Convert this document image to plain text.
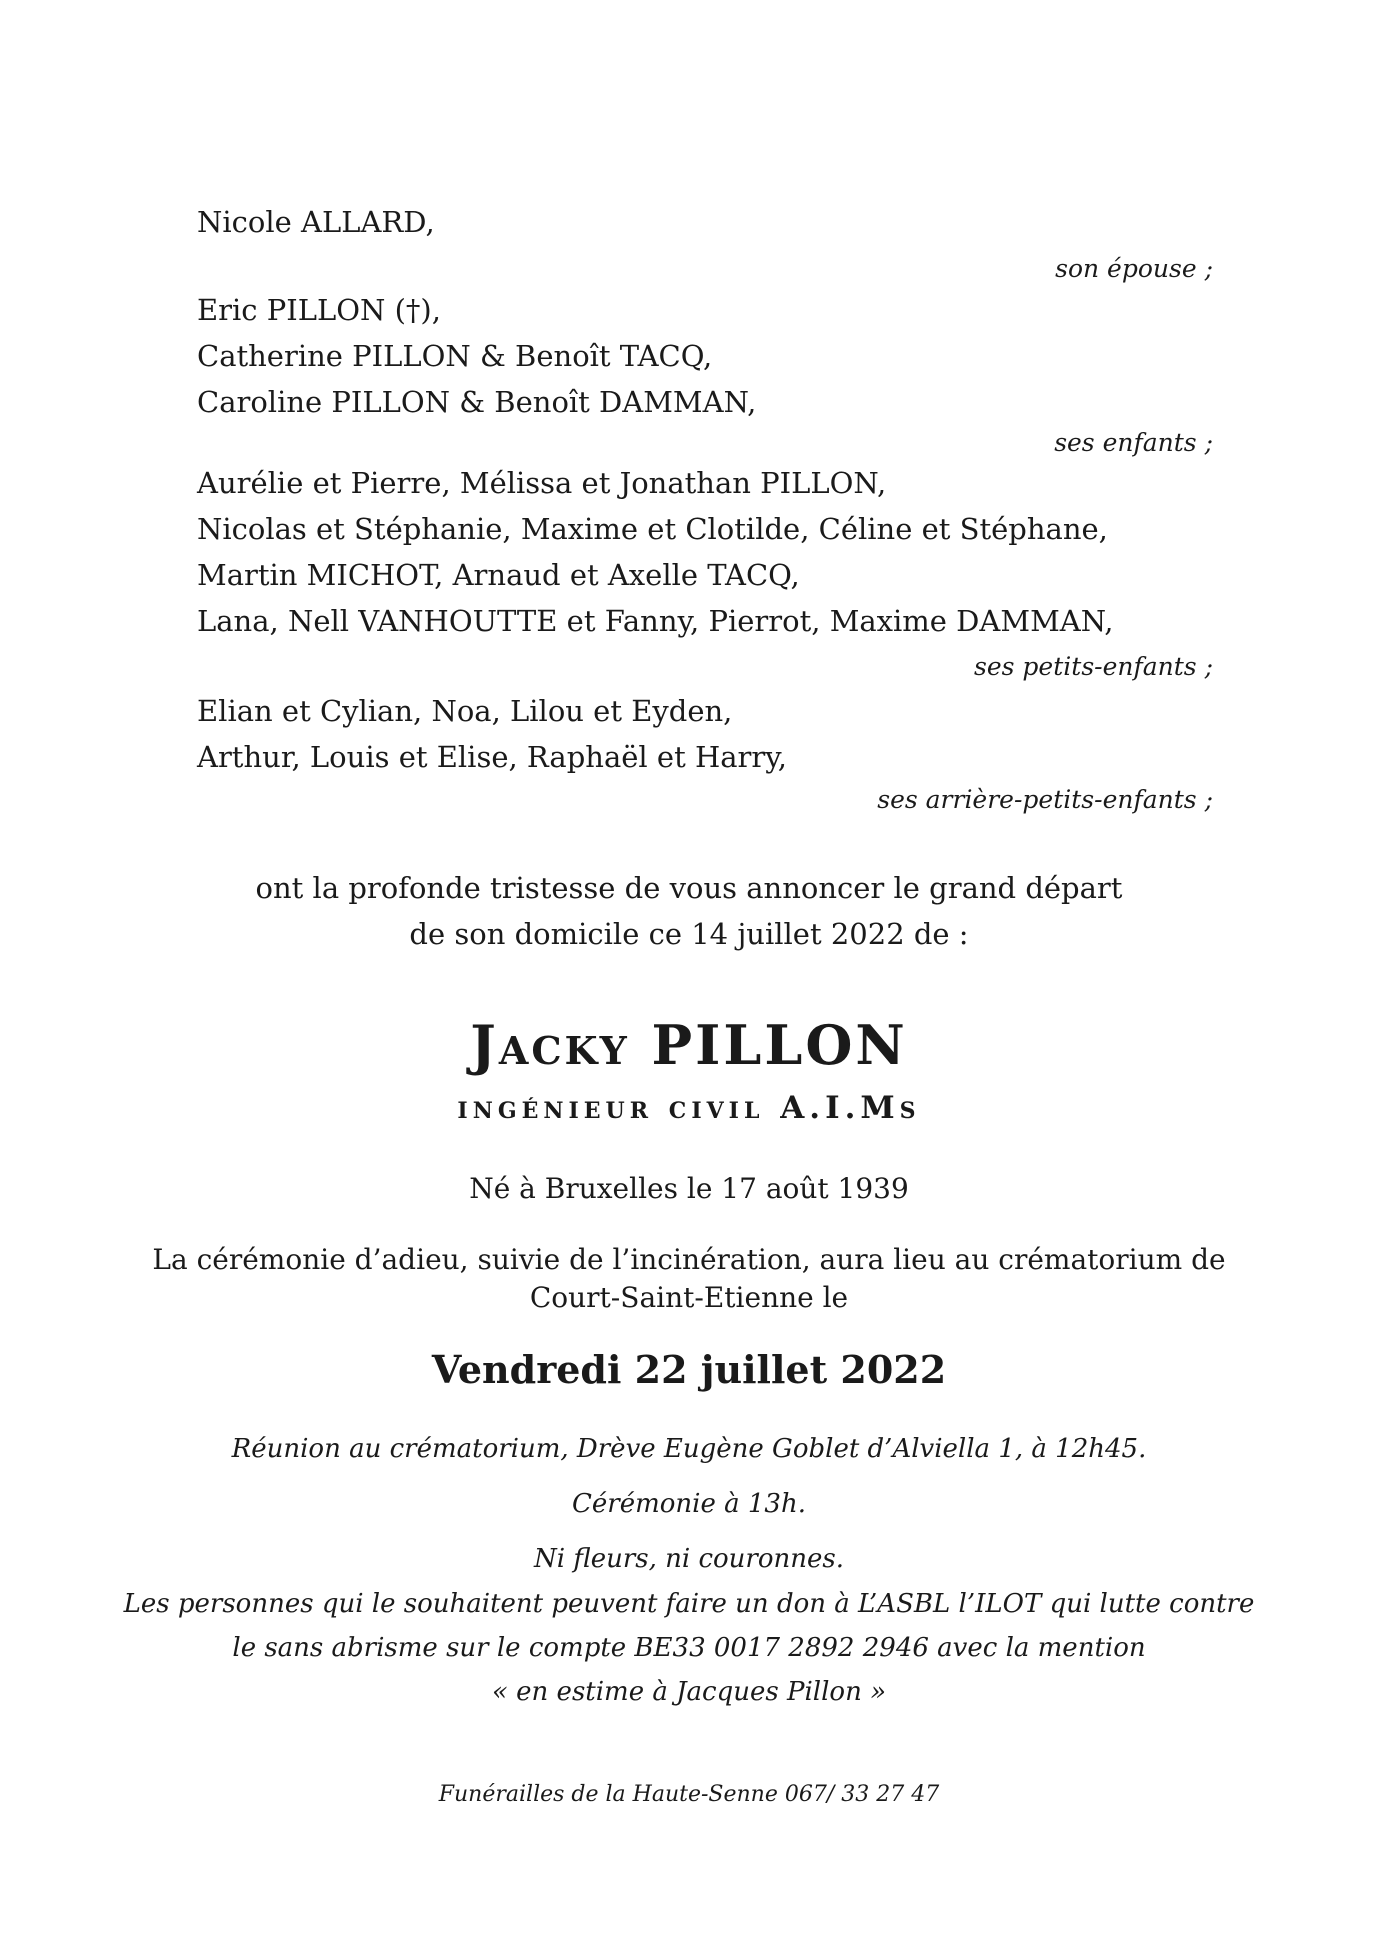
Nicole ALLARD,

son épouse ;

Eric PILLON (†),
Catherine PILLON & Benoît TACQ,
Caroline PILLON & Benoît DAMMAN,

ses enfants ;

Aurélie et Pierre, Mélissa et Jonathan PILLON,
Nicolas et Stéphanie, Maxime et Clotilde, Céline et Stéphane,
Martin MICHOT, Arnaud et Axelle TACQ,
Lana, Nell VANHOUTTE et Fanny, Pierrot, Maxime DAMMAN,

ses petits-enfants ;

Elian et Cylian, Noa, Lilou et Eyden,
Arthur, Louis et Elise, Raphaël et Harry,

ses arrière-petits-enfants ;

ont la profonde tristesse de vous annoncer le grand départ
de son domicile ce 14 juillet 2022 de :
Jacky PILLON
ingénieur civil A.I.Ms
Né à Bruxelles le 17 août 1939
La cérémonie d’adieu, suivie de l’incinération, aura lieu au crématorium de
Court-Saint-Etienne le
Vendredi 22 juillet 2022
Réunion au crématorium, Drève Eugène Goblet d’Alviella 1, à 12h45.
Cérémonie à 13h.
Ni fleurs, ni couronnes.
Les personnes qui le souhaitent peuvent faire un don à L’ASBL l’ILOT qui lutte contre
le sans abrisme sur le compte BE33 0017 2892 2946 avec la mention
« en estime à Jacques Pillon »
Funérailles de la Haute-Senne 067/ 33 27 47
